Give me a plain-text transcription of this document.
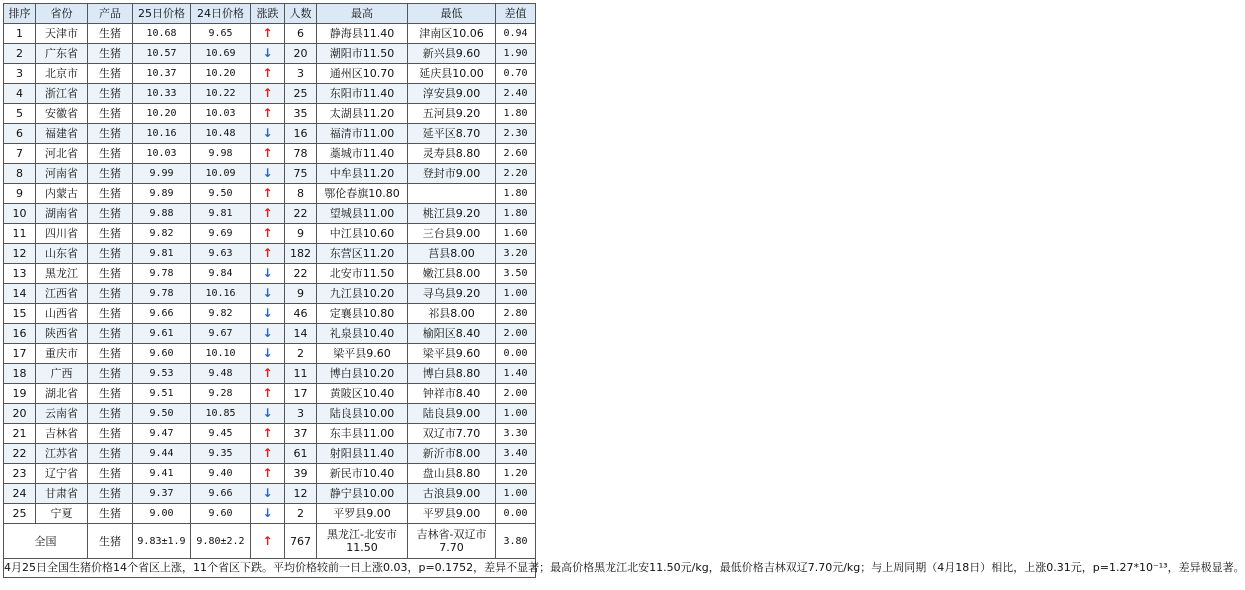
排序	省份	产品	25日价格	24日价格	涨跌	人数	最高	最低	差值
1	天津市	生猪	10.68	9.65	↑	6	静海县11.40	津南区10.06	0.94
2	广东省	生猪	10.57	10.69	↓	20	潮阳市11.50	新兴县9.60	1.90
3	北京市	生猪	10.37	10.20	↑	3	通州区10.70	延庆县10.00	0.70
4	浙江省	生猪	10.33	10.22	↑	25	东阳市11.40	淳安县9.00	2.40
5	安徽省	生猪	10.20	10.03	↑	35	太湖县11.20	五河县9.20	1.80
6	福建省	生猪	10.16	10.48	↓	16	福清市11.00	延平区8.70	2.30
7	河北省	生猪	10.03	9.98	↑	78	藁城市11.40	灵寿县8.80	2.60
8	河南省	生猪	9.99	10.09	↓	75	中牟县11.20	登封市9.00	2.20
9	内蒙古	生猪	9.89	9.50	↑	8	鄂伦春旗10.80		1.80
10	湖南省	生猪	9.88	9.81	↑	22	望城县11.00	桃江县9.20	1.80
11	四川省	生猪	9.82	9.69	↑	9	中江县10.60	三台县9.00	1.60
12	山东省	生猪	9.81	9.63	↑	182	东营区11.20	莒县8.00	3.20
13	黑龙江	生猪	9.78	9.84	↓	22	北安市11.50	嫩江县8.00	3.50
14	江西省	生猪	9.78	10.16	↓	9	九江县10.20	寻乌县9.20	1.00
15	山西省	生猪	9.66	9.82	↓	46	定襄县10.80	祁县8.00	2.80
16	陕西省	生猪	9.61	9.67	↓	14	礼泉县10.40	榆阳区8.40	2.00
17	重庆市	生猪	9.60	10.10	↓	2	梁平县9.60	梁平县9.60	0.00
18	广西	生猪	9.53	9.48	↑	11	博白县10.20	博白县8.80	1.40
19	湖北省	生猪	9.51	9.28	↑	17	黄陂区10.40	钟祥市8.40	2.00
20	云南省	生猪	9.50	10.85	↓	3	陆良县10.00	陆良县9.00	1.00
21	吉林省	生猪	9.47	9.45	↑	37	东丰县11.00	双辽市7.70	3.30
22	江苏省	生猪	9.44	9.35	↑	61	射阳县11.40	新沂市8.00	3.40
23	辽宁省	生猪	9.41	9.40	↑	39	新民市10.40	盘山县8.80	1.20
24	甘肃省	生猪	9.37	9.66	↓	12	静宁县10.00	古浪县9.00	1.00
25	宁夏	生猪	9.00	9.60	↓	2	平罗县9.00	平罗县9.00	0.00
全国		生猪	9.83±1.9	9.80±2.2	↑	767	黑龙江-北安市11.50	吉林省-双辽市7.70	3.80
4月25日全国生猪价格14个省区上涨，11个省区下跌。平均价格较前一日上涨0.03，p=0.1752，差异不显著；最高价格黑龙江北安11.50元/kg，最低价格吉林双辽7.70元/kg；与上周同期（4月18日）相比，上涨0.31元，p=1.27*10⁻¹³，差异极显著。									
